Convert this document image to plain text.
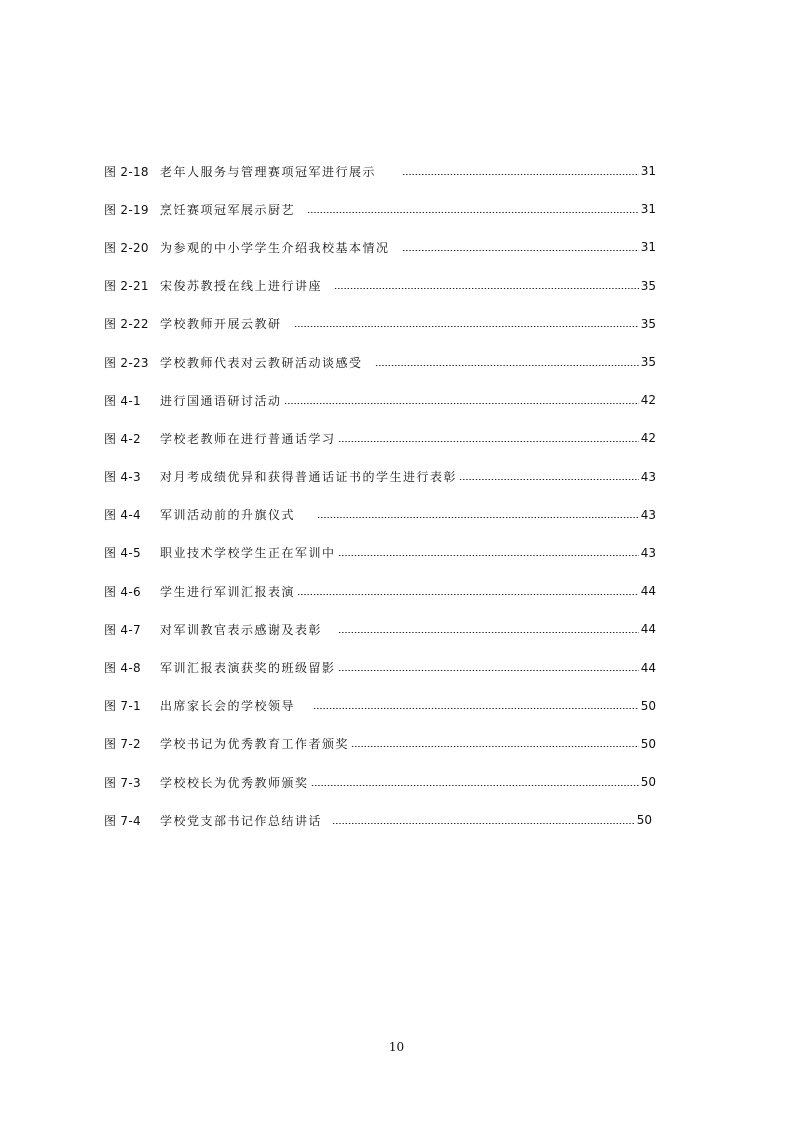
图 2-18 老年人服务与管理赛项冠军进行展示	31
图 2-19 烹饪赛项冠军展示厨艺	31
图 2-20 为参观的中小学学生介绍我校基本情况	31
图 2-21 宋俊苏教授在线上进行讲座	35
图 2-22 学校教师开展云教研	35
图 2-23 学校教师代表对云教研活动谈感受	35
图 4-1	进行国通语研讨活动	42
图 4-2	学校老教师在进行普通话学习	42
图 4-3	对月考成绩优异和获得普通话证书的学生进行表彰	43
图 4-4	军训活动前的升旗仪式	43
图 4-5	职业技术学校学生正在军训中	43
图 4-6	学生进行军训汇报表演	44
图 4-7	对军训教官表示感谢及表彰	44
图 4-8	军训汇报表演获奖的班级留影	44
图 7-1	出席家长会的学校领导	50
图 7-2	学校书记为优秀教育工作者颁奖	50
图 7-3	学校校长为优秀教师颁奖	50
图 7-4	学校党支部书记作总结讲话	50
10
